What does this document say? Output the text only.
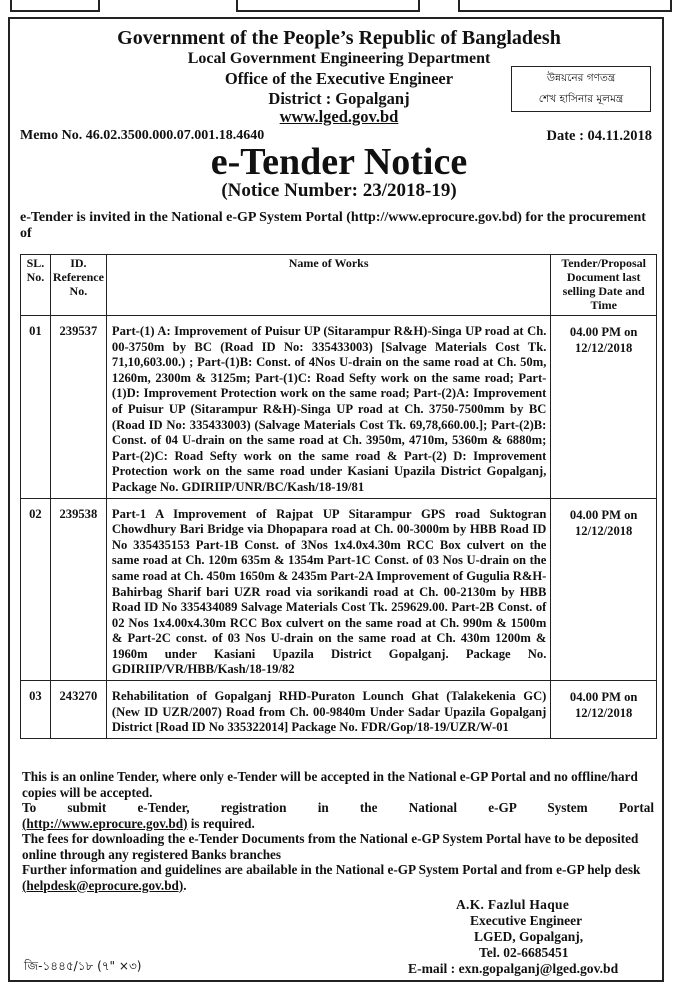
Government of the People’s Republic of Bangladesh
Local Government Engineering Department
Office of the Executive Engineer
District : Gopalganj
www.lged.gov.bd
উন্নয়নের গণতন্ত্র
শেখ হাসিনার মূলমন্ত্র
Memo No. 46.02.3500.000.07.001.18.4640	Date : 04.11.2018
e-Tender Notice
(Notice Number: 23/2018-19)
e-Tender is invited in the National e-GP System Portal (http://www.eprocure.gov.bd) for the procurement of
SL. No.	ID. Reference No.	Name of Works	Tender/Proposal Document last selling Date and Time
01	239537	Part-(1) A: Improvement of Puisur UP (Sitarampur R&H)-Singa UP road at Ch. 00-3750m by BC (Road ID No: 335433003) [Salvage Materials Cost Tk. 71,10,603.00.) ; Part-(1)B: Const. of 4Nos U-drain on the same road at Ch. 50m, 1260m, 2300m & 3125m; Part-(1)C: Road Sefty work on the same road; Part-(1)D: Improvement Protection work on the same road; Part-(2)A: Improvement of Puisur UP (Sitarampur R&H)-Singa UP road at Ch. 3750-7500mm by BC (Road ID No: 335433003) (Salvage Materials Cost Tk. 69,78,660.00.]; Part-(2)B: Const. of 04 U-drain on the same road at Ch. 3950m, 4710m, 5360m & 6880m; Part-(2)C: Road Sefty work on the same road & Part-(2) D: Improvement Protection work on the same road under Kasiani Upazila District Gopalganj, Package No. GDIRIIP/UNR/BC/Kash/18-19/81	04.00 PM on 12/12/2018
02	239538	Part-1 A Improvement of Rajpat UP Sitarampur GPS road Suktogran Chowdhury Bari Bridge via Dhopapara road at Ch. 00-3000m by HBB Road ID No 335435153 Part-1B Const. of 3Nos 1x4.0x4.30m RCC Box culvert on the same road at Ch. 120m 635m & 1354m Part-1C Const. of 03 Nos U-drain on the same road at Ch. 450m 1650m & 2435m Part-2A Improvement of Gugulia R&H-Bahirbag Sharif bari UZR road via sorikandi road at Ch. 00-2130m by HBB Road ID No 335434089 Salvage Materials Cost Tk. 259629.00. Part-2B Const. of 02 Nos 1x4.00x4.30m RCC Box culvert on the same road at Ch. 990m & 1500m & Part-2C const. of 03 Nos U-drain on the same road at Ch. 430m 1200m & 1960m under Kasiani Upazila District Gopalganj. Package No. GDIRIIP/VR/HBB/Kash/18-19/82	04.00 PM on 12/12/2018
03	243270	Rehabilitation of Gopalganj RHD-Puraton Lounch Ghat (Talakekenia GC) (New ID UZR/2007) Road from Ch. 00-9840m Under Sadar Upazila Gopalganj District [Road ID No 335322014] Package No. FDR/Gop/18-19/UZR/W-01	04.00 PM on 12/12/2018

This is an online Tender, where only e-Tender will be accepted in the National e-GP Portal and no offline/hard copies will be accepted.

To submit e-Tender, registration in the National e-GP System Portal

(http://www.eprocure.gov.bd) is required.

The fees for downloading the e-Tender Documents from the National e-GP System Portal have to be deposited online through any registered Banks branches

Further information and guidelines are abailable in the National e-GP System Portal and from e-GP help desk (helpdesk@eprocure.gov.bd).

A.K. Fazlul Haque
Executive Engineer
LGED, Gopalganj,
Tel. 02-6685451
E-mail : exn.gopalganj@lged.gov.bd
জি-১৪৪৫/১৮ (৭" ×৩)
